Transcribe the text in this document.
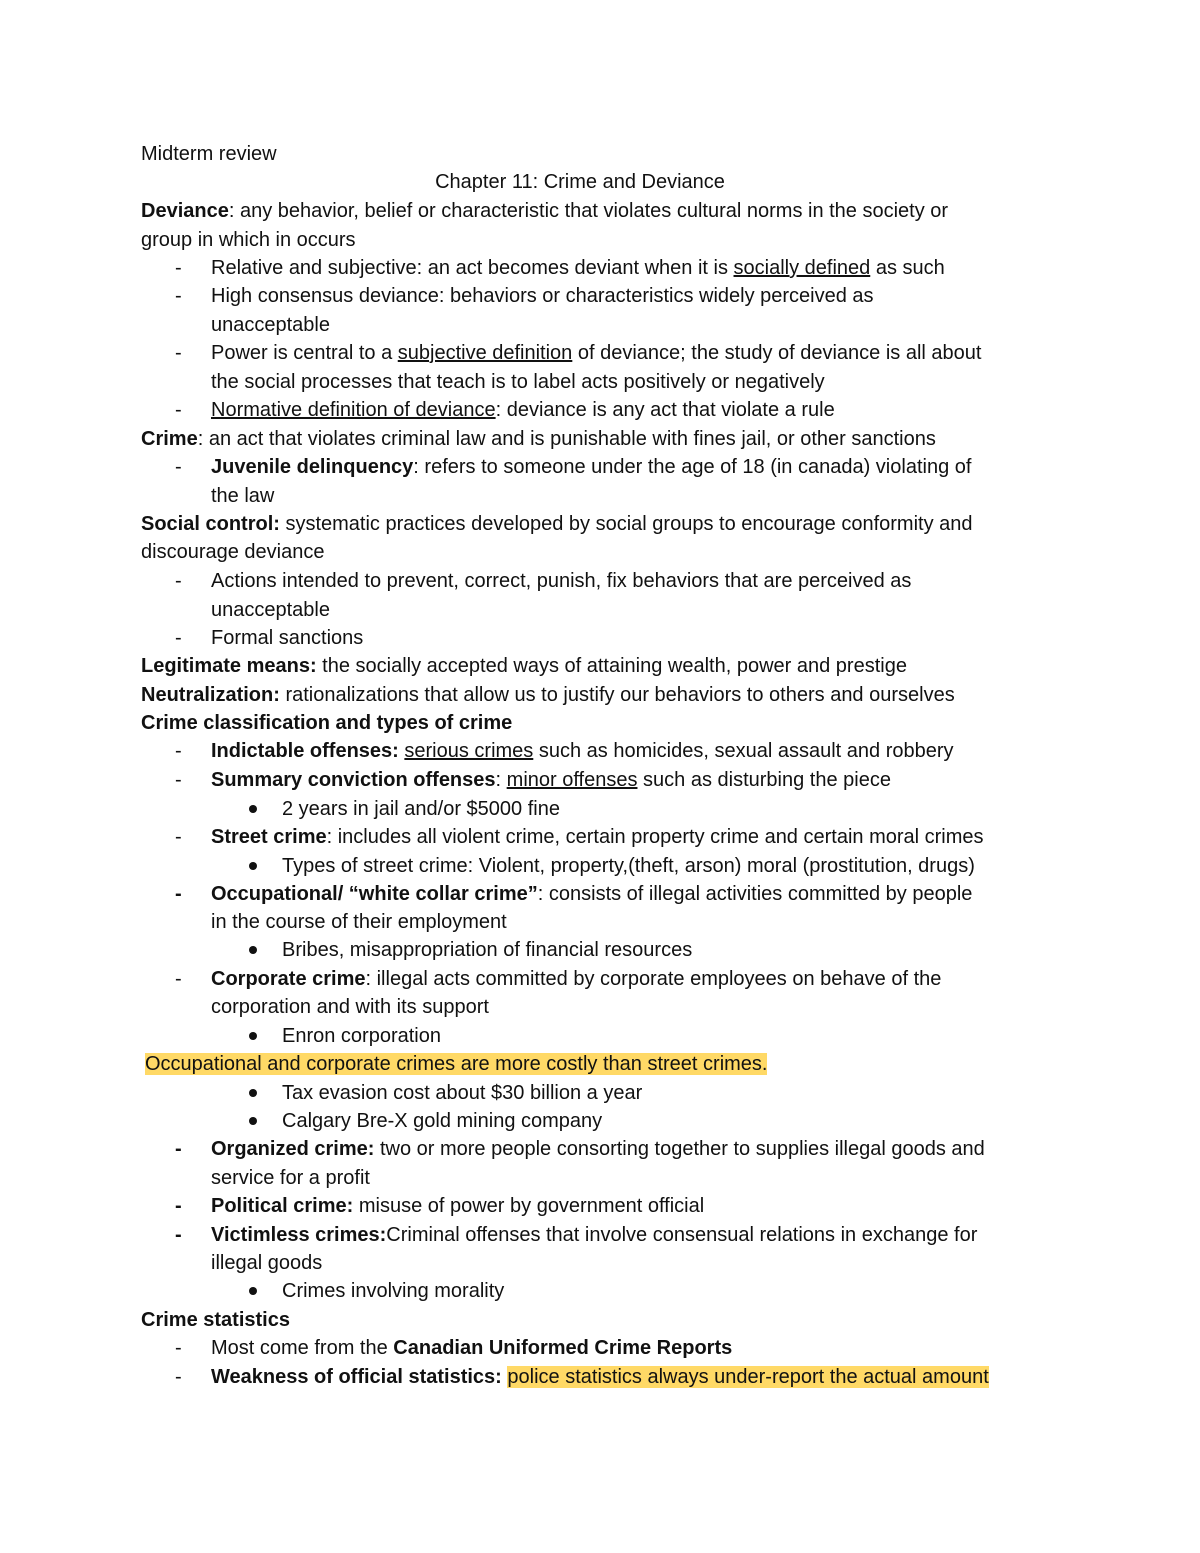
Midterm review
Chapter 11: Crime and Deviance
Deviance: any behavior, belief or characteristic that violates cultural norms in the society or
group in which in occurs
- Relative and subjective: an act becomes deviant when it is socially defined as such
- High consensus deviance: behaviors or characteristics widely perceived as
unacceptable
- Power is central to a subjective definition of deviance; the study of deviance is all about
the social processes that teach is to label acts positively or negatively
- Normative definition of deviance: deviance is any act that violate a rule
Crime: an act that violates criminal law and is punishable with fines jail, or other sanctions
- Juvenile delinquency: refers to someone under the age of 18 (in canada) violating of
the law
Social control: systematic practices developed by social groups to encourage conformity and
discourage deviance
- Actions intended to prevent, correct, punish, fix behaviors that are perceived as
unacceptable
- Formal sanctions
Legitimate means: the socially accepted ways of attaining wealth, power and prestige
Neutralization: rationalizations that allow us to justify our behaviors to others and ourselves
Crime classification and types of crime
- Indictable offenses: serious crimes such as homicides, sexual assault and robbery
- Summary conviction offenses: minor offenses such as disturbing the piece
2 years in jail and/or $5000 fine
- Street crime: includes all violent crime, certain property crime and certain moral crimes
Types of street crime: Violent, property,(theft, arson) moral (prostitution, drugs)
- Occupational/ “white collar crime”: consists of illegal activities committed by people
in the course of their employment
Bribes, misappropriation of financial resources
- Corporate crime: illegal acts committed by corporate employees on behave of the
corporation and with its support
Enron corporation
Occupational and corporate crimes are more costly than street crimes.
Tax evasion cost about $30 billion a year
Calgary Bre-X gold mining company
- Organized crime: two or more people consorting together to supplies illegal goods and
service for a profit
- Political crime: misuse of power by government official
- Victimless crimes:Criminal offenses that involve consensual relations in exchange for
illegal goods
Crimes involving morality
Crime statistics
- Most come from the Canadian Uniformed Crime Reports
- Weakness of official statistics: police statistics always under-report the actual amount
